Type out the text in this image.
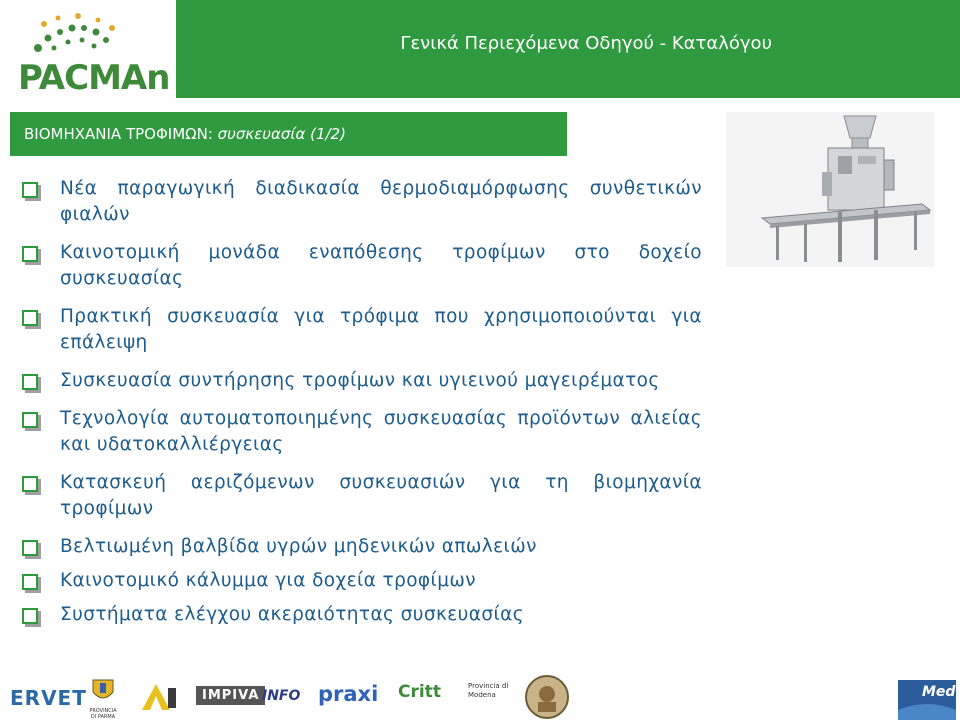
PACMAn
Γενικά Περιεχόμενα Οδηγού - Καταλόγου
ΒΙΟΜΗΧΑΝΙΑ ΤΡΟΦΙΜΩΝ: συσκευασία (1/2)
Νέα παραγωγική διαδικασία θερμοδιαμόρφωσης συνθετικών φιαλών
Καινοτομική μονάδα εναπόθεσης τροφίμων στο δοχείο συσκευασίας
Πρακτική συσκευασία για τρόφιμα που χρησιμοποιούνται για επάλειψη
Συσκευασία συντήρησης τροφίμων και υγιεινού μαγειρέματος
Τεχνολογία αυτοματοποιημένης συσκευασίας προϊόντων αλιείας και υδατοκαλλιέργειας
Κατασκευή αεριζόμενων συσκευασιών για τη βιομηχανία τροφίμων
Βελτιωμένη βαλβίδα υγρών μηδενικών απωλειών
Καινοτομικό κάλυμμα για δοχεία τροφίμων
Συστήματα ελέγχου ακεραιότητας συσκευασίας
ERVET
PROVINCIA DI PARMA
IMPIVA INFO praxi Critt	Provincia di Modena	Med
